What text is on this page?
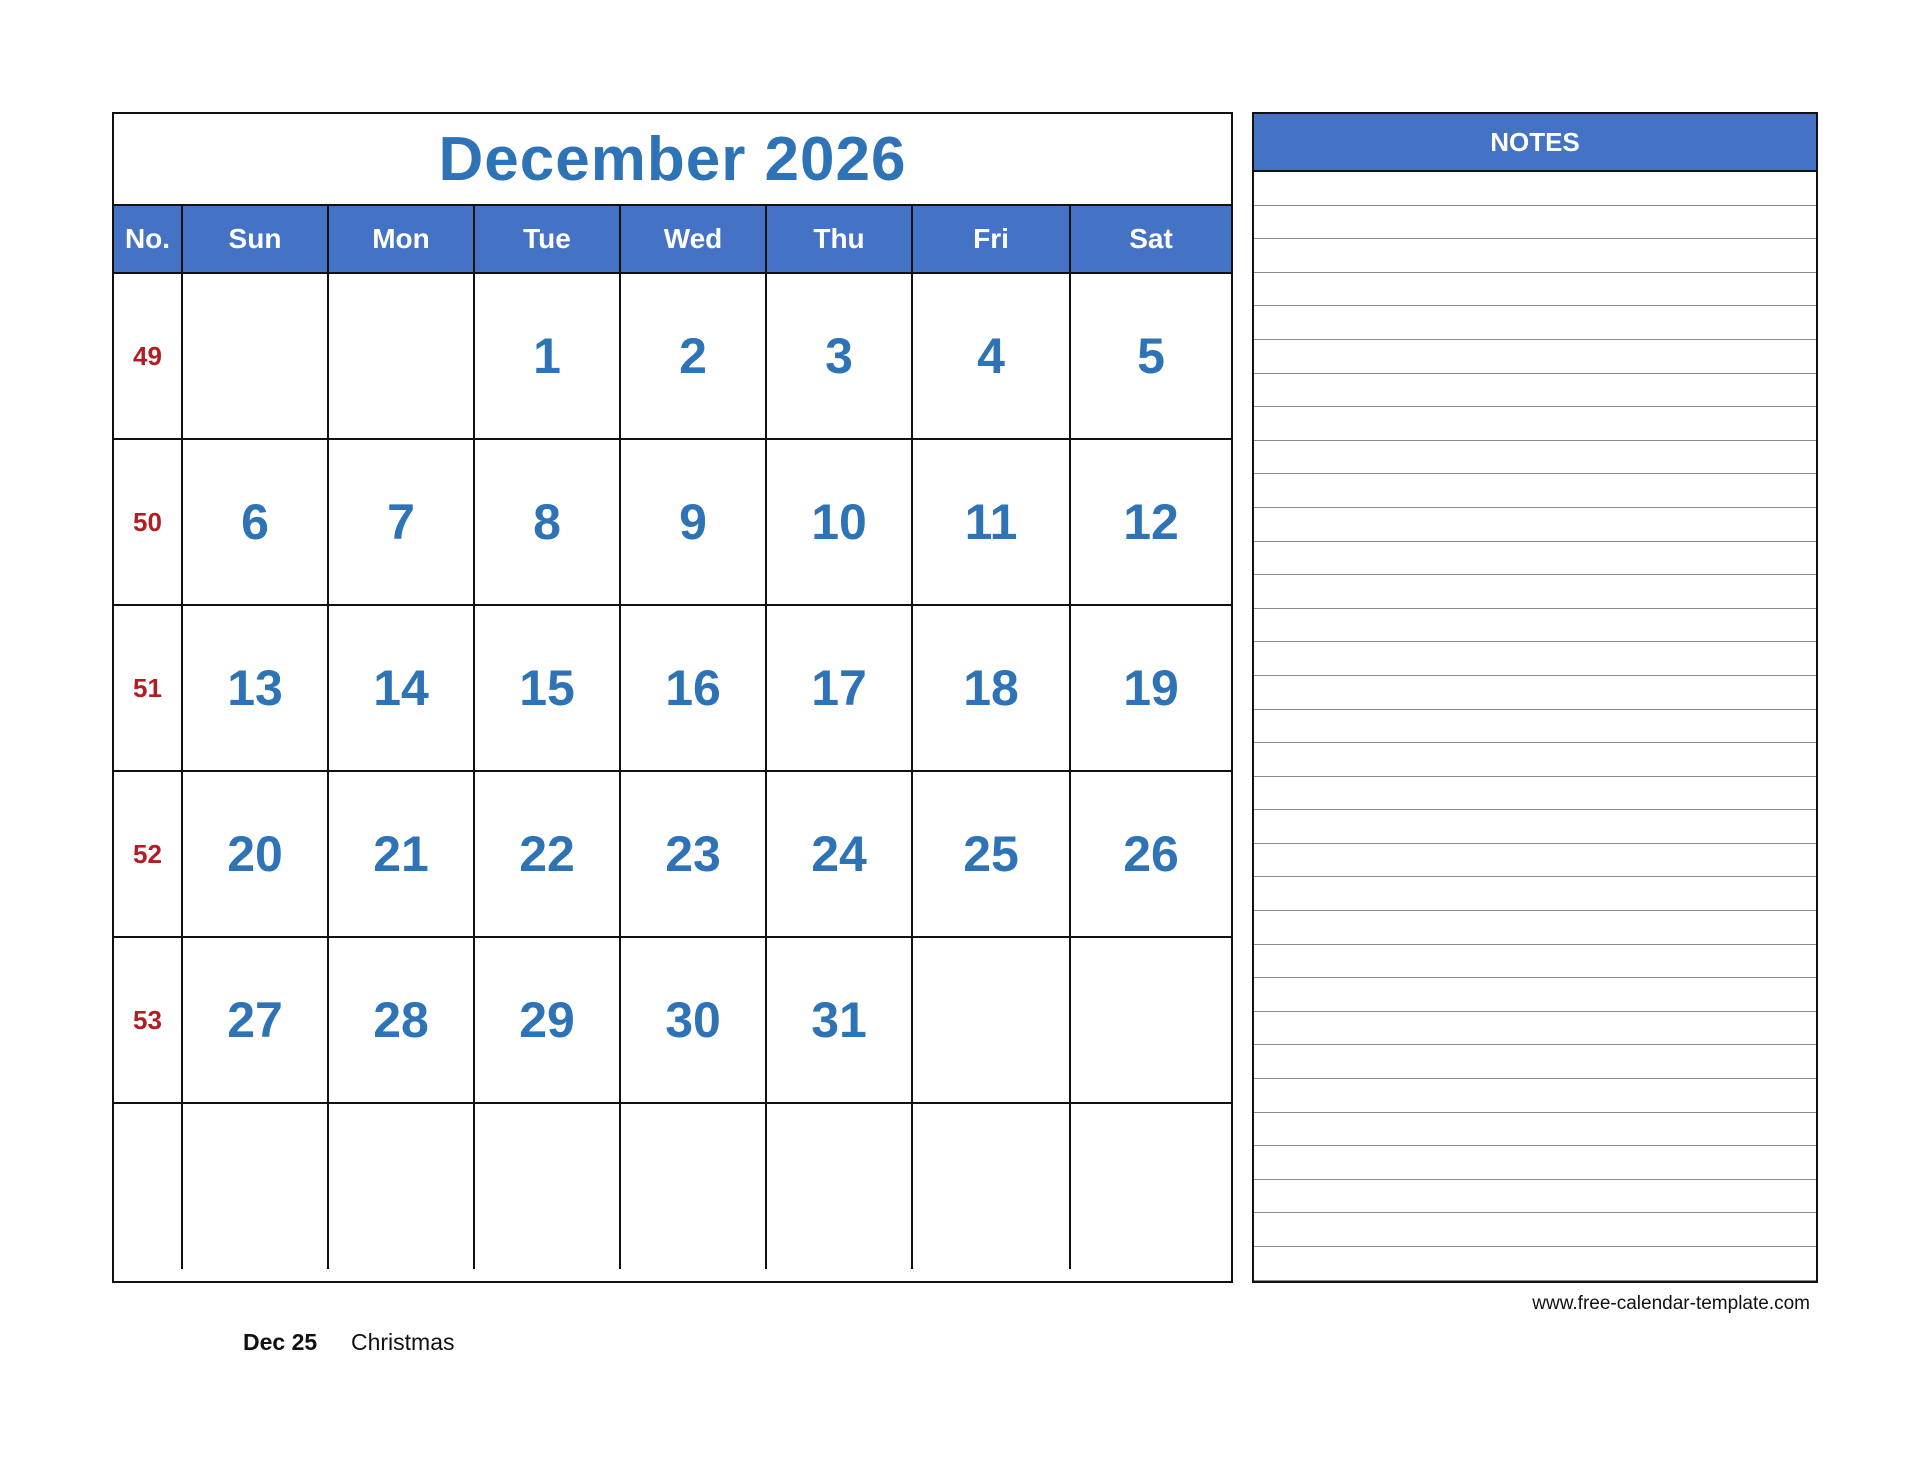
December 2026
No.	Sun	Mon	Tue	Wed	Thu	Fri	Sat
49			1	2	3	4	5
50	6	7	8	9	10	11	12
51	13	14	15	16	17	18	19
52	20	21	22	23	24	25	26
53	27	28	29	30	31		

NOTES
www.free-calendar-template.com
Dec 25 Christmas
